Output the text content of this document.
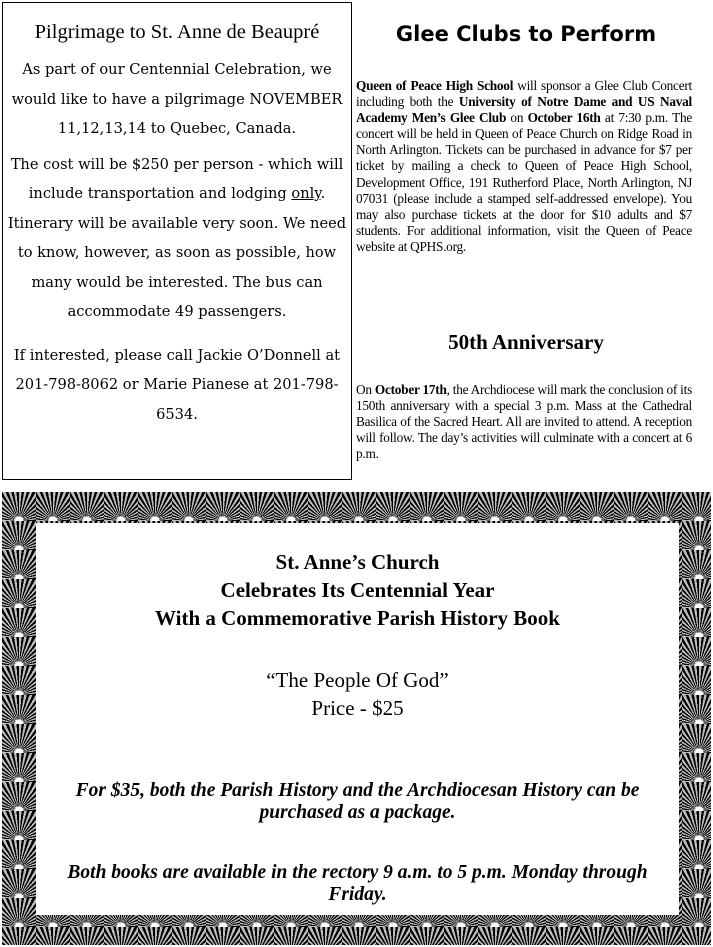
Pilgrimage to St. Anne de Beaupré

As part of our Centennial Celebration, we would like to have a pilgrimage NOVEMBER 11,12,13,14 to Quebec, Canada.

The cost will be $250 per person - which will include transportation and lodging only. Itinerary will be available very soon. We need to know, however, as soon as possible, how many would be interested. The bus can accommodate 49 passengers.

If interested, please call Jackie O’Donnell at 201-798-8062 or Marie Pianese at 201-798-6534.

Glee Clubs to Perform

Queen of Peace High School will sponsor a Glee Club Concert including both the University of Notre Dame and US Naval Academy Men’s Glee Club on October 16th at 7:30 p.m. The concert will be held in Queen of Peace Church on Ridge Road in North Arlington. Tickets can be purchased in advance for $7 per ticket by mailing a check to Queen of Peace High School, Development Office, 191 Rutherford Place, North Arlington, NJ 07031 (please include a stamped self-addressed envelope). You may also purchase tickets at the door for $10 adults and $7 students. For additional information, visit the Queen of Peace website at QPHS.org.

50th Anniversary

On October 17th, the Archdiocese will mark the conclusion of its 150th anniversary with a special 3 p.m. Mass at the Cathedral Basilica of the Sacred Heart. All are invited to attend. A reception will follow. The day’s activities will culminate with a concert at 6 p.m.

St. Anne’s Church

Celebrates Its Centennial Year

With a Commemorative Parish History Book

“The People Of God”

Price - $25

For $35, both the Parish History and the Archdiocesan History can be purchased as a package.

Both books are available in the rectory 9 a.m. to 5 p.m. Monday through Friday.
